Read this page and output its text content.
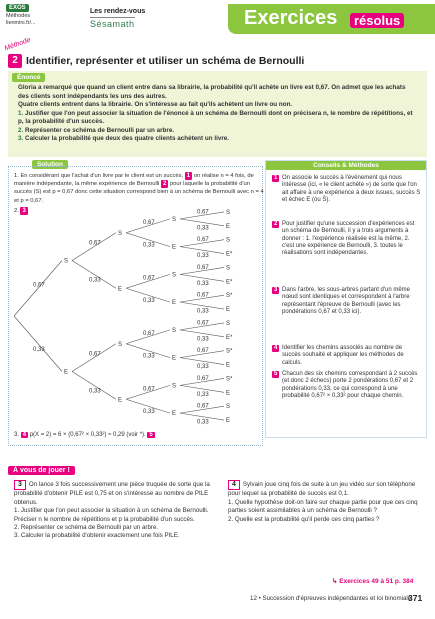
EXOS
Méthodes
lienmini.fr/...
Les rendez-vous
Sésamath	Exercices	résolus
Méthode
2 Identifier, représenter et utiliser un schéma de Bernoulli
Énoncé
Gloria a remarqué que quand un client entre dans sa librairie, la probabilité qu'il achète un livre est 0,67. On admet que les achats des clients sont indépendants les uns des autres.
Quatre clients entrent dans la librairie. On s'intéresse au fait qu'ils achètent un livre ou non.
1. Justifier que l'on peut associer la situation de l'énoncé à un schéma de Bernoulli dont on précisera n, le nombre de répétitions, et p, la probabilité d'un succès.
2. Représenter ce schéma de Bernoulli par un arbre.
3. Calculer la probabilité que deux des quatre clients achètent un livre.
Solution
1. En considérant que l'achat d'un livre par le client est un succès, 1 on réalise n = 4 fois, de manière indépendante, la même expérience de Bernoulli 2 pour laquelle la probabilité d'un succès (S) est p = 0,67 donc cette situation correspond bien à un schéma de Bernoulli avec n = 4 et p = 0,67.
2. 3
0,67
S
0,33
E
0,67
S
0,33
E
0,67
S
0,33
E
0,67	S
0,33	E
0,67	S
0,33	E
0,67	S
0,33	E
0,67	S
0,33	E
0,67	S
0,33	E
0,67	S
0,33	E*
0,67	S
0,33	E*
0,67	S*
0,33	E
0,67	S
0,33	E*
0,67	S*
0,33	E
0,67	S*
0,33	E
0,67	S
0,33	E
3. 4 p(X = 2) = 6 × (0,67² × 0,33²) ≈ 0,29 (voir *). 5
Conseils & Méthodes
1 On associe le succès à l'événement qui nous intéresse (ici, « le client achète ») de sorte que l'on ait affaire à une expérience à deux issues, succès S et échec E (ou S̄).
2 Pour justifier qu'une succession d'expériences est un schéma de Bernoulli, il y a trois arguments à donner : 1. l'expérience réalisée est la même, 2. c'est une expérience de Bernoulli, 3. toutes le réalisations sont indépendantes.
3 Dans l'arbre, les sous-arbres partant d'un même nœud sont identiques et correspondent à l'arbre représentant l'épreuve de Bernoulli (avec les pondérations 0,67 et 0,33 ici).
4 Identifier les chemins associés au nombre de succès souhaité et appliquer les méthodes de calculs.
5 Chacun des six chemins correspondant à 2 succès (et donc 2 échecs) porte 2 pondérations 0,67 et 2 pondérations 0,33, ce qui correspond à une probabilité 0,67² × 0,33² pour chaque chemin.
À vous de jouer !
3 On lance 3 fois successivement une pièce truquée de sorte que la probabilité d'obtenir PILE est 0,75 et on s'intéresse au nombre de PILE obtenus.
1. Justifier que l'on peut associer la situation à un schéma de Bernoulli. Préciser n le nombre de répétitions et p la probabilité d'un succès.
2. Représenter ce schéma de Bernoulli par un arbre.
3. Calculer la probabilité d'obtenir exactement une fois PILE.
4 Sylvain joue cinq fois de suite à un jeu vidéo sur son téléphone pour lequel sa probabilité de succès est 0,1.
1. Quelle hypothèse doit-on faire sur chaque partie pour que ces cinq parties soient assimilables à un schéma de Bernoulli ?
2. Quelle est la probabilité qu'il perde ces cinq parties ?
↳ Exercices 49 à 51 p. 384
12 • Succession d'épreuves indépendantes et loi binomiale
371
